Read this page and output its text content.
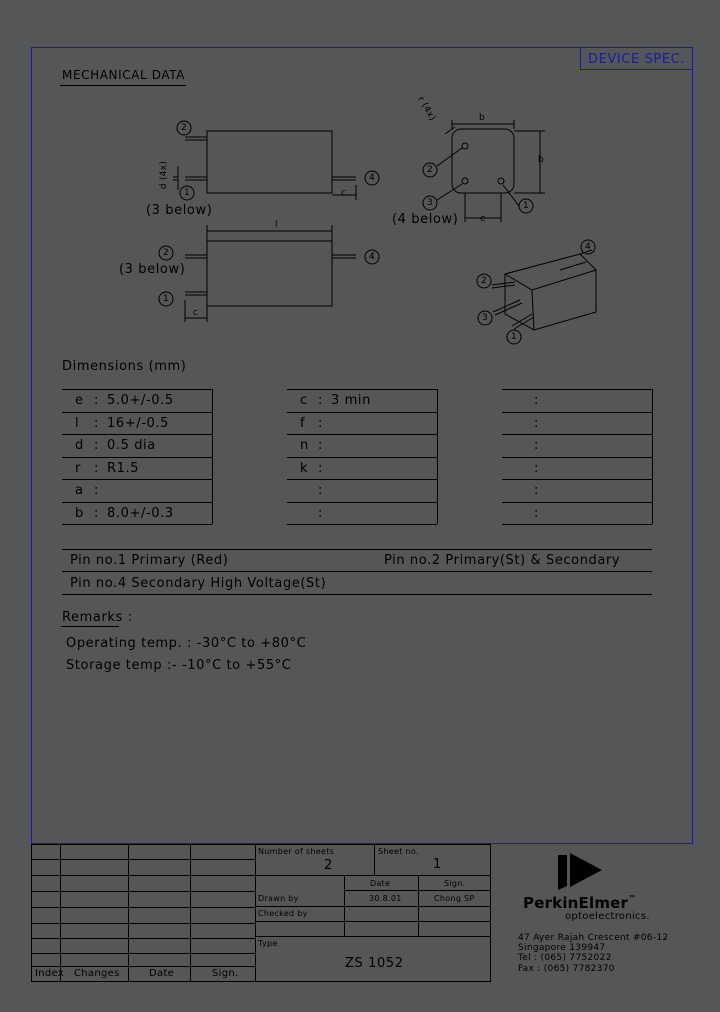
DEVICE SPEC.
MECHANICAL DATA
2
1
4
2
1
4
2
3	1
4
2
3
1
(3 below)
(3 below)
(4 below)
d (4x)
r (4x)
c
c
l
b
b
e
Dimensions (mm)
e : 5.0+/-0.5
l : 16+/-0.5
d : 0.5 dia
r : R1.5
a :
b : 8.0+/-0.3
c : 3 min
f :
n :
k :
:
:
:
:
:
:
:
:
Pin no.1 Primary (Red)	Pin no.2 Primary(St) & Secondary
Pin no.4 Secondary High Voltage(St)
Remarks :
Operating temp. : -30°C to +80°C
Storage temp :- -10°C to +55°C
Index Changes	Date	Sign.
Number of sheets
2
Sheet no.
1
Date	Sign.
Drawn by	30.8.01	Chong SP
Checked by
Type
ZS 1052
PerkinElmer™
optoelectronics.
47 Ayer Rajah Crescent #06-12
Singapore 139947
Tel : (065) 7752022
Fax : (065) 7782370
